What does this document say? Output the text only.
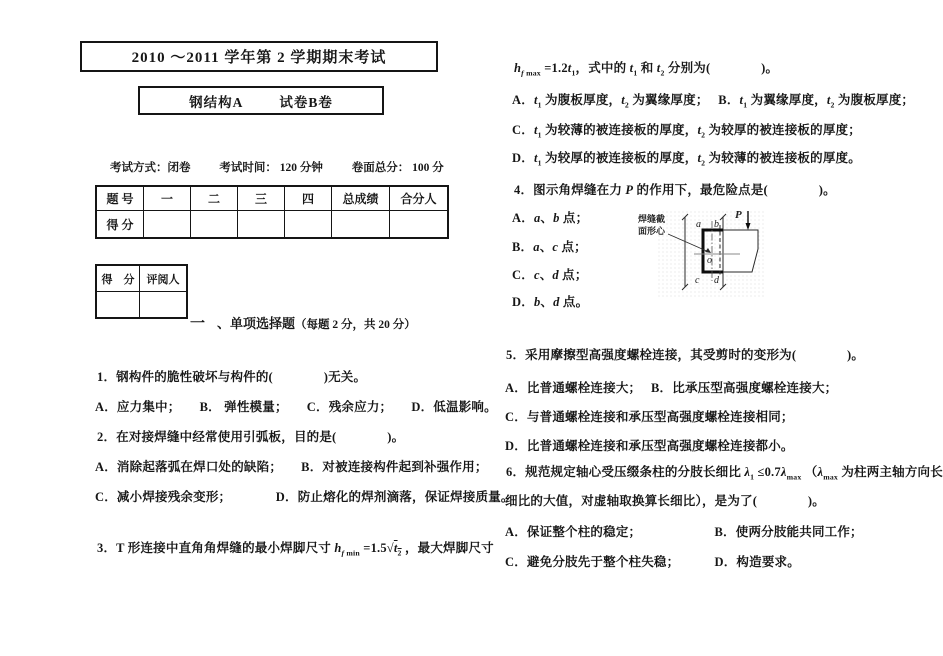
2010 ～2011 学年第 2 学期期末考试
钢结构A	试卷B卷
考试方式：闭卷	考试时间： 120 分钟	卷面总分： 100 分
题 号	一	二	三	四	总成绩	合分人
得 分						
得　分	评阅人

一 、单项选择题（每题 2 分，共 20 分）
1．钢构件的脆性破坏与构件的(　　　　)无关。
A．应力集中；　　B． 弹性模量；　　C．残余应力；　　D．低温影响。
2．在对接焊缝中经常使用引弧板，目的是(　　　　)。
A．消除起落弧在焊口处的缺陷；　　B．对被连接构件起到补强作用；
C．减小焊接残余变形；　　　　D．防止熔化的焊剂滴落，保证焊接质量。
3．T 形连接中直角角焊缝的最小焊脚尺寸 $h_{f min} =1.5√t_2$ ，最大焊脚尺寸
$h_{f max} =1.2t_1$，式中的 $t_1$ 和 $t_2$ 分别为(　　　　)。
A．$t_1$ 为腹板厚度，$t_2$ 为翼缘厚度；　 B．$t_1$ 为翼缘厚度，$t_2$ 为腹板厚度；
C．$t_1$ 为较薄的被连接板的厚度，$t_2$ 为较厚的被连接板的厚度；
D．$t_1$ 为较厚的被连接板的厚度，$t_2$ 为较薄的被连接板的厚度。
4．图示角焊缝在力 P 的作用下，最危险点是(　　　　)。
A．a、b 点；
B．a、c 点；
C．c、d 点；
D．b、d 点。
焊缝截
面形心
a b
c d
o
P
5．采用摩擦型高强度螺栓连接，其受剪时的变形为(　　　　)。
A．比普通螺栓连接大；　 B．比承压型高强度螺栓连接大；
C．与普通螺栓连接和承压型高强度螺栓连接相同；
D．比普通螺栓连接和承压型高强度螺栓连接都小。
6．规范规定轴心受压缀条柱的分肢长细比 $\lambda_1 \le 0.7\lambda_{max}$ （$\lambda_{max}$ 为柱两主轴方向长
细比的大值，对虚轴取换算长细比），是为了(　　　　)。
A．保证整个柱的稳定；　　　　　　 B．使两分肢能共同工作；
C．避免分肢先于整个柱失稳；　　　 D．构造要求。
